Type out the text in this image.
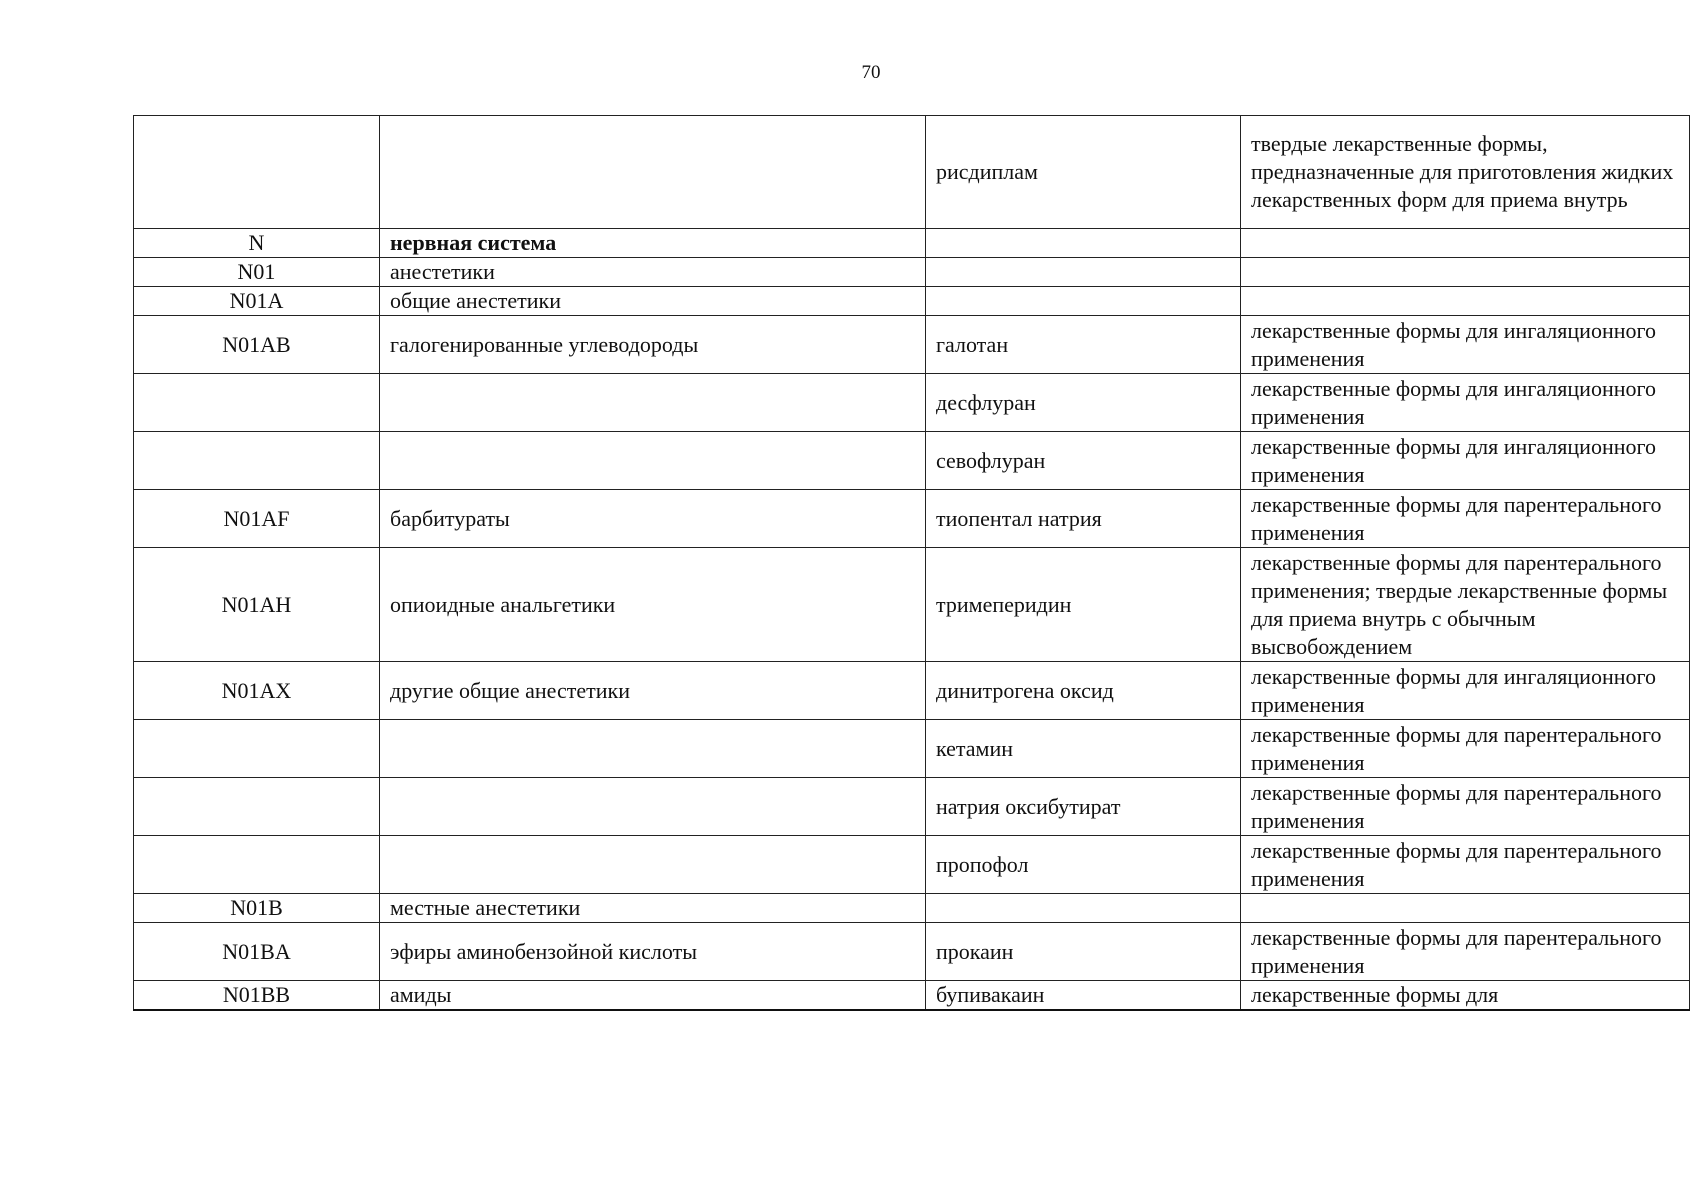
70
		рисдиплам	твердые лекарственные формы, предназначенные для приготовления жидких лекарственных форм для приема внутрь
N	нервная система		
N01	анестетики		
N01A	общие анестетики		
N01AB	галогенированные углеводороды	галотан	лекарственные формы для ингаляционного применения
		десфлуран	лекарственные формы для ингаляционного применения
		севофлуран	лекарственные формы для ингаляционного применения
N01AF	барбитураты	тиопентал натрия	лекарственные формы для парентерального применения
N01AH	опиоидные анальгетики	тримеперидин	лекарственные формы для парентерального применения; твердые лекарственные формы для приема внутрь с обычным высвобождением
N01AX	другие общие анестетики	динитрогена оксид	лекарственные формы для ингаляционного применения
		кетамин	лекарственные формы для парентерального применения
		натрия оксибутират	лекарственные формы для парентерального применения
		пропофол	лекарственные формы для парентерального применения
N01B	местные анестетики		
N01BA	эфиры аминобензойной кислоты	прокаин	лекарственные формы для парентерального применения
N01BB	амиды	бупивакаин	лекарственные формы для
